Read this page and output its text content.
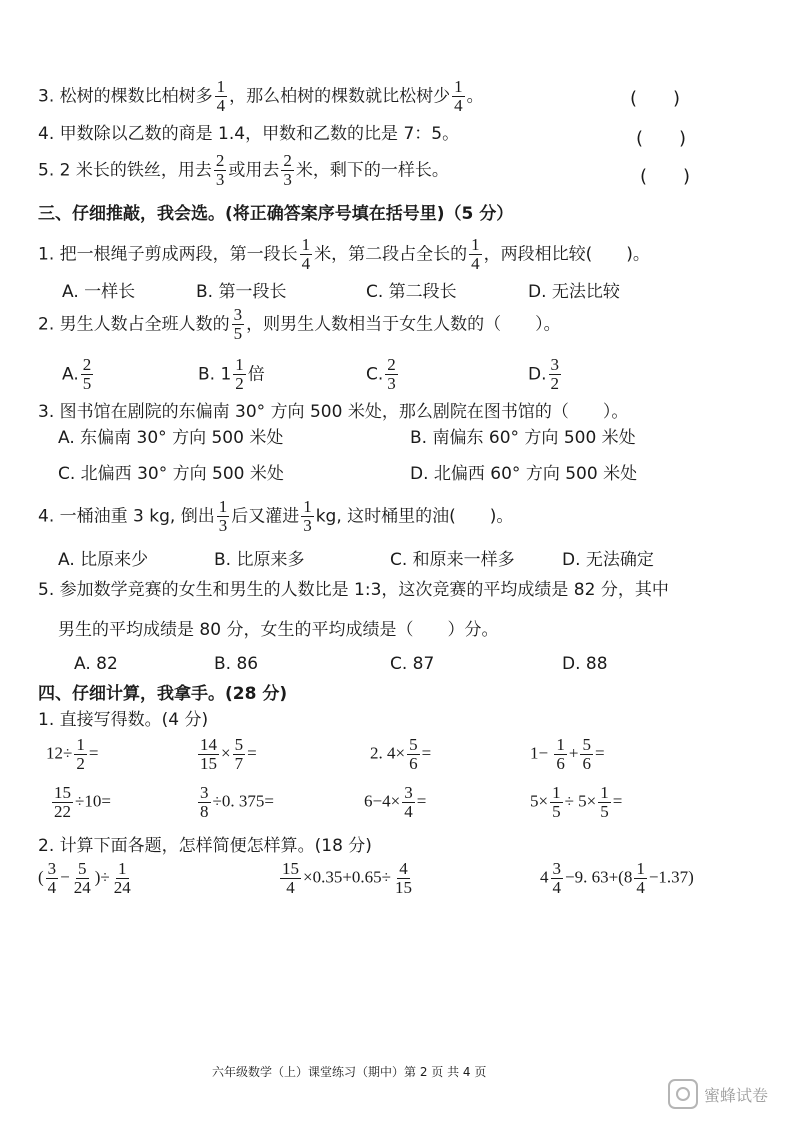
3. 松树的棵数比柏树多 $\frac{1}{4}$ ，那么柏树的棵数就比松树少 $\frac{1}{4}$ 。	(　　)
4. 甲数除以乙数的商是 1.4，甲数和乙数的比是 7：5。	(　　)
5. 2 米长的铁丝，用去 $\frac{2}{3}$ 或用去 $\frac{2}{3}$ 米，剩下的一样长。	(　　)
三、仔细推敲，我会选。(将正确答案序号填在括号里)（5 分）
1. 把一根绳子剪成两段，第一段长 $\frac{1}{4}$ 米，第二段占全长的 $\frac{1}{4}$ ，两段相比较(　　)。
A. 一样长	B. 第一段长	C. 第二段长	D. 无法比较
2. 男生人数占全班人数的 $\frac{3}{5}$ ，则男生人数相当于女生人数的（　　）。
A. $\frac{2}{5}$	B. $1 \frac{1}{2}$ 倍	C. $\frac{2}{3}$	D. $\frac{3}{2}$
3. 图书馆在剧院的东偏南 30° 方向 500 米处，那么剧院在图书馆的（　　）。
A. 东偏南 30° 方向 500 米处	B. 南偏东 60° 方向 500 米处
C. 北偏西 30° 方向 500 米处	D. 北偏西 60° 方向 500 米处
4. 一桶油重 3 kg, 倒出 $\frac{1}{3}$ 后又灌进 $\frac{1}{3}$ kg, 这时桶里的油(　　)。
A. 比原来少	B. 比原来多	C. 和原来一样多	D. 无法确定
5. 参加数学竞赛的女生和男生的人数比是 1:3，这次竞赛的平均成绩是 82 分，其中
男生的平均成绩是 80 分，女生的平均成绩是（　　）分。
A. 82	B. 86	C. 87	D. 88
四、仔细计算，我拿手。(28 分)
1. 直接写得数。(4 分)
$12\div \frac{1}{2}$ =	$\frac{14}{15} \times \frac{5}{7}$ =	2. $4\times \frac{5}{6}$ =	$1- \frac{1}{6} + \frac{5}{6}$ =
$\frac{15}{22} \div 10=$	$\frac{3}{8} \div 0$. 375=	$6-4\times \frac{3}{4}$ =	$5\times \frac{1}{5} \div 5\times \frac{1}{5}$ =
2. 计算下面各题，怎样简便怎样算。(18 分)
( $\frac{3}{4} - \frac{5}{24}$ )÷ $\frac{1}{24}$	$\frac{15}{4} \times 0.35+0.65\div \frac{4}{15}$	$4 \frac{3}{4} -9$. $63+(8 \frac{1}{4} -1.37)$
六年级数学（上）课堂练习（期中）第 2 页 共 4 页
蜜蜂试卷
